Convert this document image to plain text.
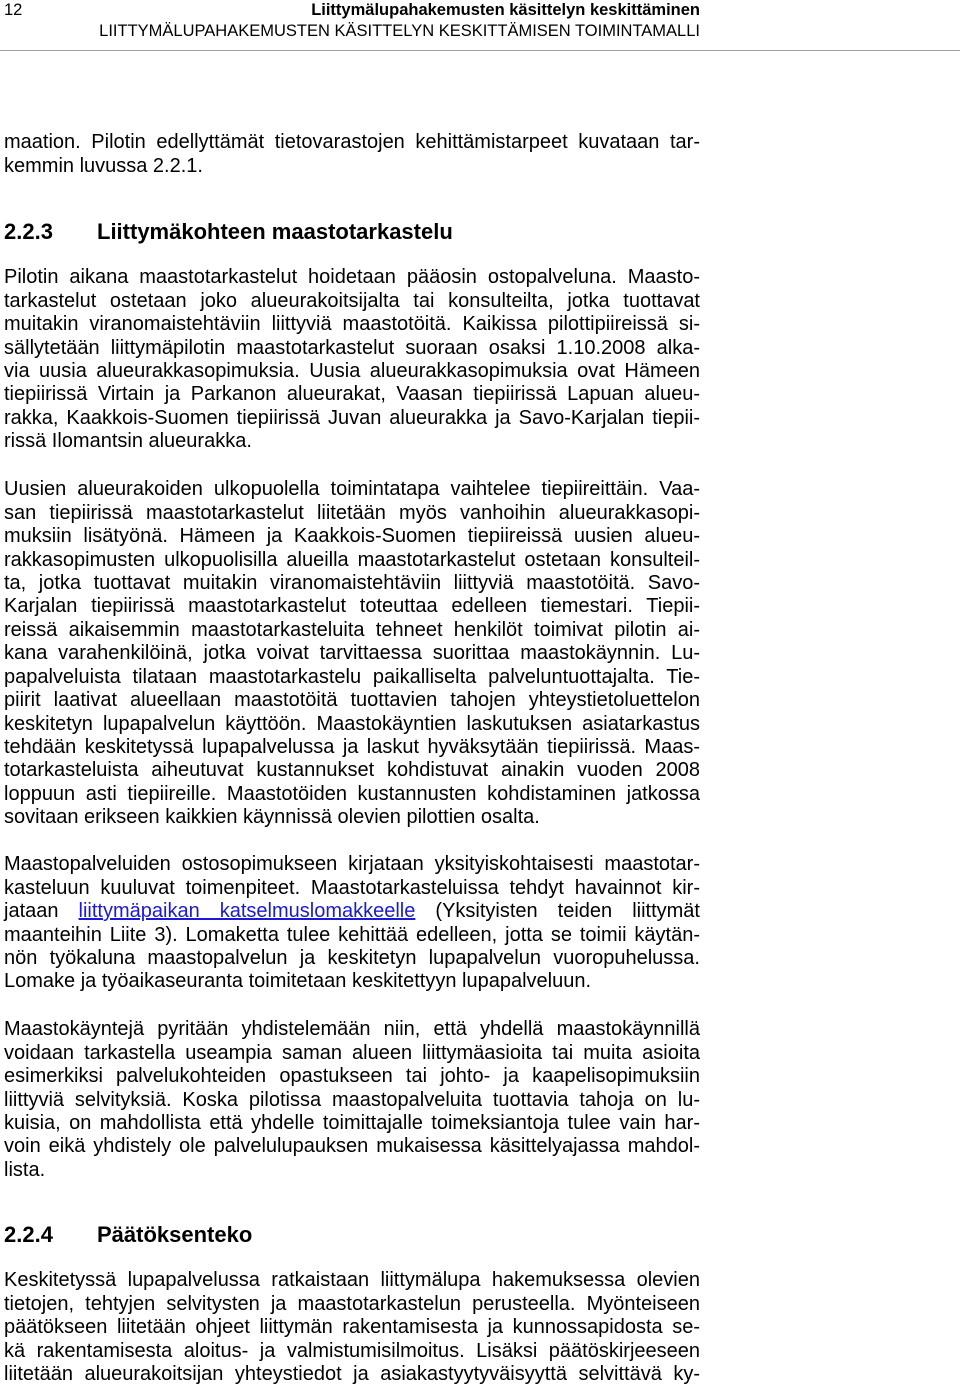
12	Liittymälupahakemusten käsittelyn keskittäminen
LIITTYMÄLUPAHAKEMUSTEN KÄSITTELYN KESKITTÄMISEN TOIMINTAMALLI
maation. Pilotin edellyttämät tietovarastojen kehittämistarpeet kuvataan tar-
kemmin luvussa 2.2.1.
2.2.3 Liittymäkohteen maastotarkastelu
Pilotin aikana maastotarkastelut hoidetaan pääosin ostopalveluna. Maasto-
tarkastelut ostetaan joko alueurakoitsijalta tai konsulteilta, jotka tuottavat
muitakin viranomaistehtäviin liittyviä maastotöitä. Kaikissa pilottipiireissä si-
sällytetään liittymäpilotin maastotarkastelut suoraan osaksi 1.10.2008 alka-
via uusia alueurakkasopimuksia. Uusia alueurakkasopimuksia ovat Hämeen
tiepiirissä Virtain ja Parkanon alueurakat, Vaasan tiepiirissä Lapuan alueu-
rakka, Kaakkois-Suomen tiepiirissä Juvan alueurakka ja Savo-Karjalan tiepii-
rissä Ilomantsin alueurakka.
Uusien alueurakoiden ulkopuolella toimintatapa vaihtelee tiepiireittäin. Vaa-
san tiepiirissä maastotarkastelut liitetään myös vanhoihin alueurakkasopi-
muksiin lisätyönä. Hämeen ja Kaakkois-Suomen tiepiireissä uusien alueu-
rakkasopimusten ulkopuolisilla alueilla maastotarkastelut ostetaan konsulteil-
ta, jotka tuottavat muitakin viranomaistehtäviin liittyviä maastotöitä. Savo-
Karjalan tiepiirissä maastotarkastelut toteuttaa edelleen tiemestari. Tiepii-
reissä aikaisemmin maastotarkasteluita tehneet henkilöt toimivat pilotin ai-
kana varahenkilöinä, jotka voivat tarvittaessa suorittaa maastokäynnin. Lu-
papalveluista tilataan maastotarkastelu paikalliselta palveluntuottajalta. Tie-
piirit laativat alueellaan maastotöitä tuottavien tahojen yhteystietoluettelon
keskitetyn lupapalvelun käyttöön. Maastokäyntien laskutuksen asiatarkastus
tehdään keskitetyssä lupapalvelussa ja laskut hyväksytään tiepiirissä. Maas-
totarkasteluista aiheutuvat kustannukset kohdistuvat ainakin vuoden 2008
loppuun asti tiepiireille. Maastotöiden kustannusten kohdistaminen jatkossa
sovitaan erikseen kaikkien käynnissä olevien pilottien osalta.
Maastopalveluiden ostosopimukseen kirjataan yksityiskohtaisesti maastotar-
kasteluun kuuluvat toimenpiteet. Maastotarkasteluissa tehdyt havainnot kir-
jataan liittymäpaikan katselmuslomakkeelle (Yksityisten teiden liittymät
maanteihin Liite 3). Lomaketta tulee kehittää edelleen, jotta se toimii käytän-
nön työkaluna maastopalvelun ja keskitetyn lupapalvelun vuoropuhelussa.
Lomake ja työaikaseuranta toimitetaan keskitettyyn lupapalveluun.
Maastokäyntejä pyritään yhdistelemään niin, että yhdellä maastokäynnillä
voidaan tarkastella useampia saman alueen liittymäasioita tai muita asioita
esimerkiksi palvelukohteiden opastukseen tai johto- ja kaapelisopimuksiin
liittyviä selvityksiä. Koska pilotissa maastopalveluita tuottavia tahoja on lu-
kuisia, on mahdollista että yhdelle toimittajalle toimeksiantoja tulee vain har-
voin eikä yhdistely ole palvelulupauksen mukaisessa käsittelyajassa mahdol-
lista.
2.2.4 Päätöksenteko
Keskitetyssä lupapalvelussa ratkaistaan liittymälupa hakemuksessa olevien
tietojen, tehtyjen selvitysten ja maastotarkastelun perusteella. Myönteiseen
päätökseen liitetään ohjeet liittymän rakentamisesta ja kunnossapidosta se-
kä rakentamisesta aloitus- ja valmistumisilmoitus. Lisäksi päätöskirjeeseen
liitetään alueurakoitsijan yhteystiedot ja asiakastyytyväisyyttä selvittävä ky-
